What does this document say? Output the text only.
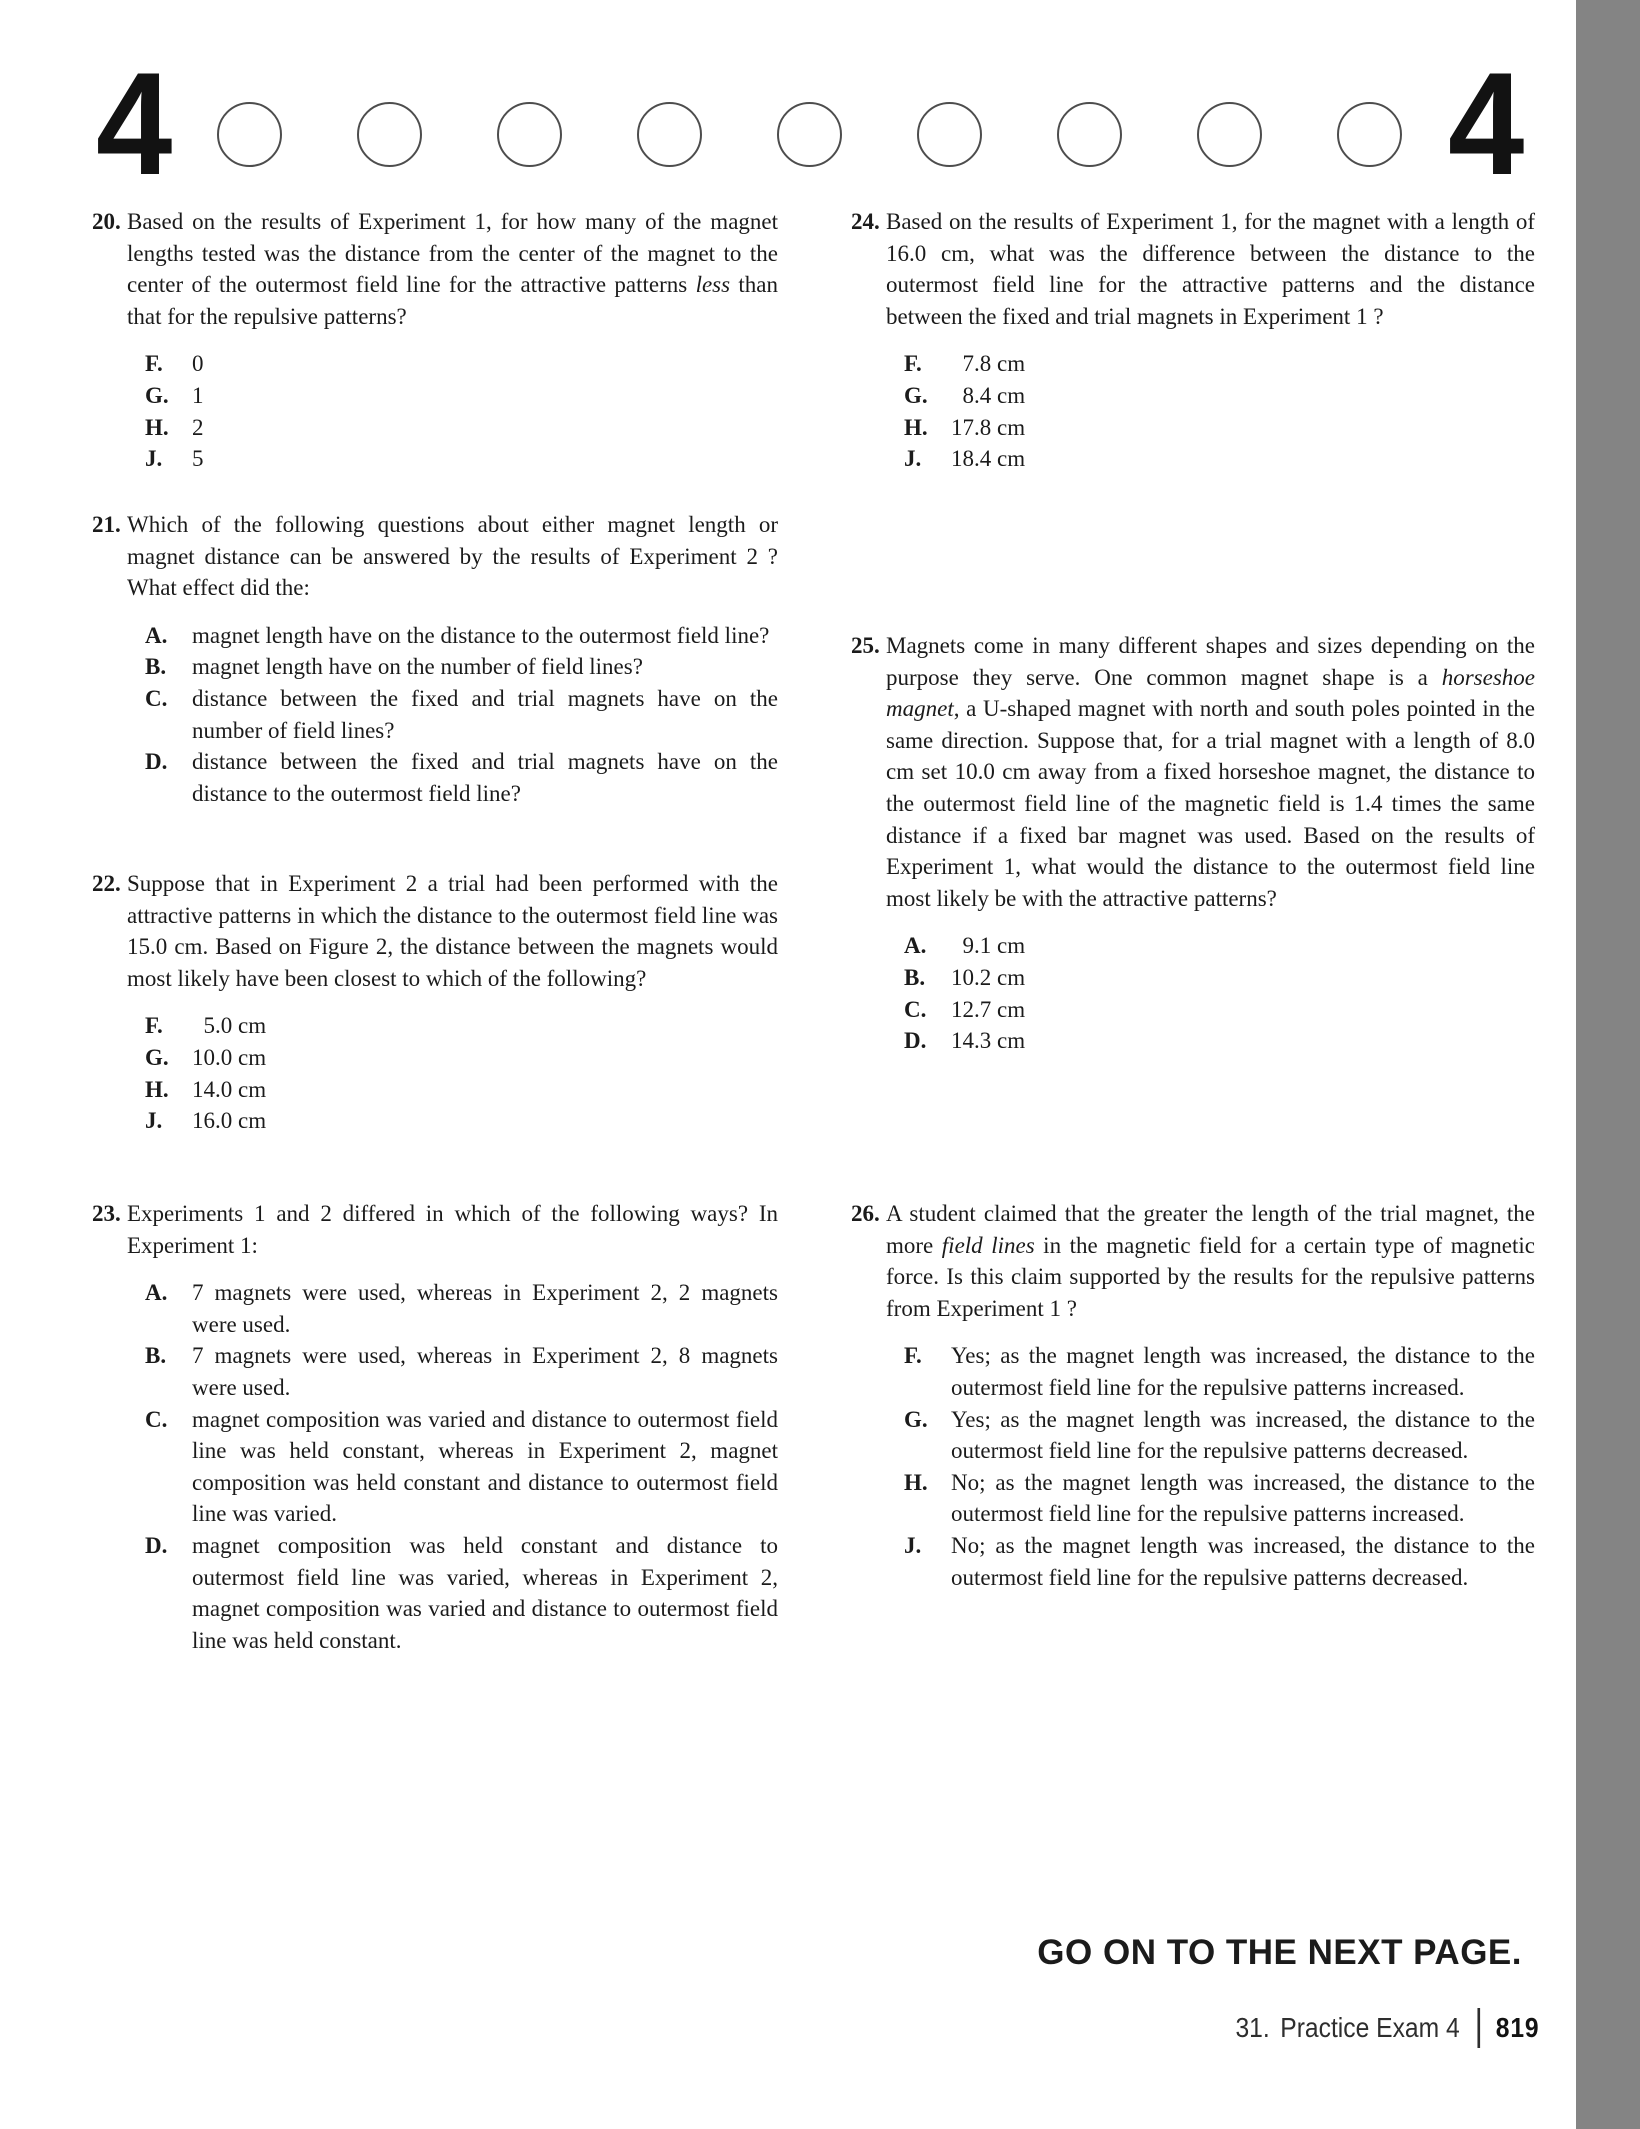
4	4
20. Based on the results of Experiment 1, for how many of the magnet lengths tested was the distance from the center of the magnet to the center of the outermost field line for the attractive patterns less than that for the repulsive patterns?

F.	0
G.	1
H.	2
J.	5
21. Which of the following questions about either magnet length or magnet distance can be answered by the results of Experiment 2 ? What effect did the:

A.	magnet length have on the distance to the outermost field line?
B.	magnet length have on the number of field lines?
C.	distance between the fixed and trial magnets have on the number of field lines?
D.	distance between the fixed and trial magnets have on the distance to the outermost field line?
22. Suppose that in Experiment 2 a trial had been performed with the attractive patterns in which the distance to the outermost field line was 15.0 cm. Based on Figure 2, the distance between the magnets would most likely have been closest to which of the following?

F.	5.0 cm
G.	10.0 cm
H.	14.0 cm
J.	16.0 cm
23. Experiments 1 and 2 differed in which of the following ways? In Experiment 1:

A.	7 magnets were used, whereas in Experiment 2, 2 magnets were used.
B.	7 magnets were used, whereas in Experiment 2, 8 magnets were used.
C.	magnet composition was varied and distance to outermost field line was held constant, whereas in Experiment 2, magnet composition was held constant and distance to outermost field line was varied.
D.	magnet composition was held constant and distance to outermost field line was varied, whereas in Experiment 2, magnet composition was varied and distance to outermost field line was held constant.
24. Based on the results of Experiment 1, for the magnet with a length of 16.0 cm, what was the difference between the distance to the outermost field line for the attractive patterns and the distance between the fixed and trial magnets in Experiment 1 ?

F.	7.8 cm
G.	8.4 cm
H.	17.8 cm
J.	18.4 cm
25. Magnets come in many different shapes and sizes depending on the purpose they serve. One common magnet shape is a horseshoe magnet, a U-shaped magnet with north and south poles pointed in the same direction. Suppose that, for a trial magnet with a length of 8.0 cm set 10.0 cm away from a fixed horseshoe magnet, the distance to the outermost field line of the magnetic field is 1.4 times the same distance if a fixed bar magnet was used. Based on the results of Experiment 1, what would the distance to the outermost field line most likely be with the attractive patterns?

A.	9.1 cm
B.	10.2 cm
C.	12.7 cm
D.	14.3 cm
26. A student claimed that the greater the length of the trial magnet, the more field lines in the magnetic field for a certain type of magnetic force. Is this claim supported by the results for the repulsive patterns from Experiment 1 ?

F.	Yes; as the magnet length was increased, the distance to the outermost field line for the repulsive patterns increased.
G.	Yes; as the magnet length was increased, the distance to the outermost field line for the repulsive patterns decreased.
H.	No; as the magnet length was increased, the distance to the outermost field line for the repulsive patterns increased.
J.	No; as the magnet length was increased, the distance to the outermost field line for the repulsive patterns decreased.
GO ON TO THE NEXT PAGE.
31. Practice Exam 4 819
